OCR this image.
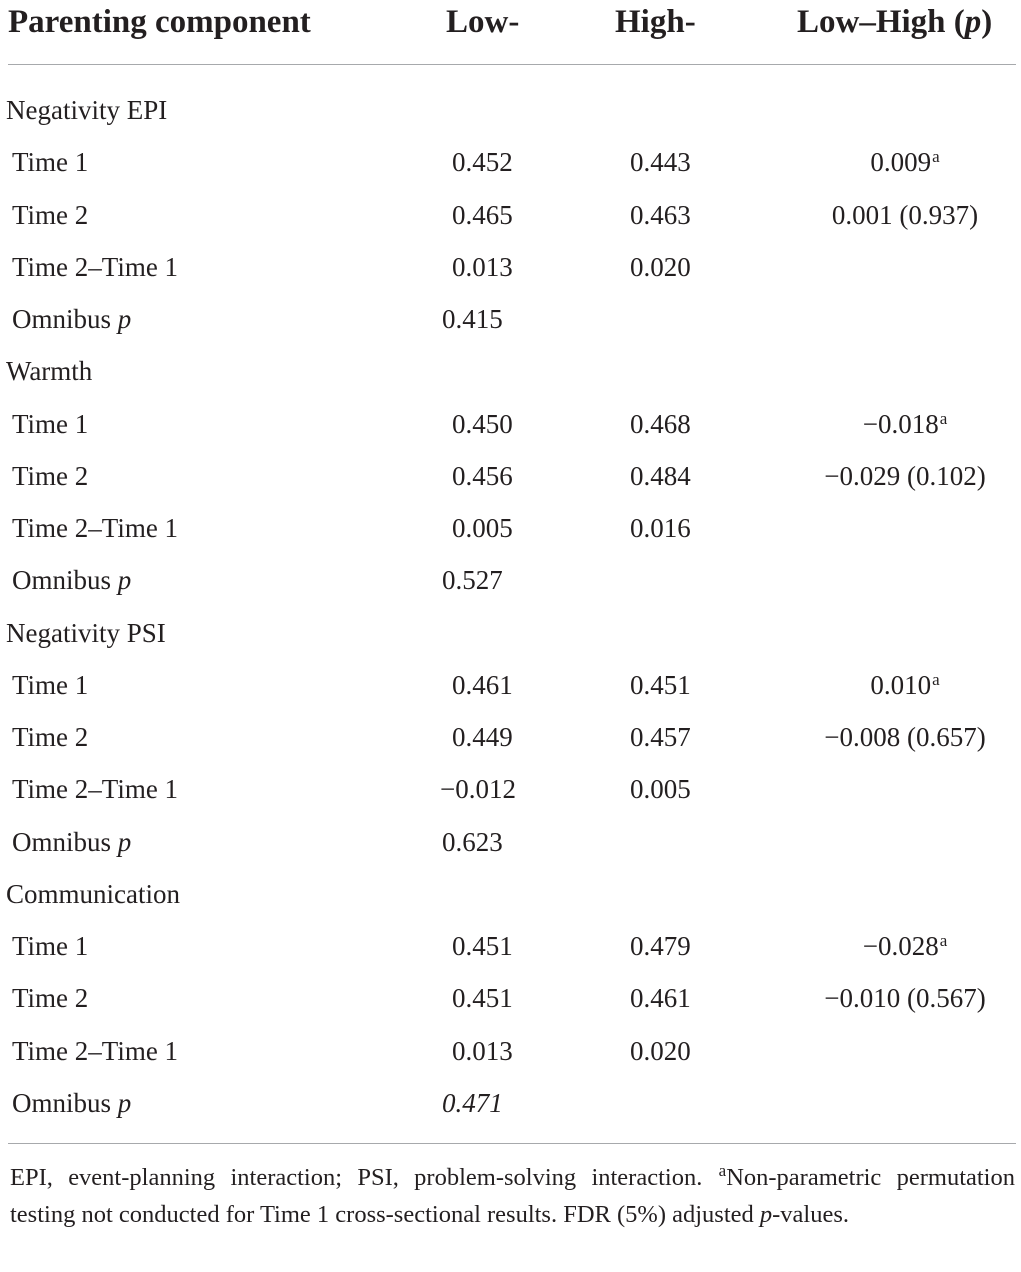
Parenting component	Low-	High-	Low–High (p)
Negativity EPI
Time 1	0.452	0.443	0.009$^a$
Time 2	0.465	0.463	0.001 (0.937)
Time 2–Time 1	0.013	0.020
Omnibus p	0.415
Warmth
Time 1	0.450	0.468	−0.018$^a$
Time 2	0.456	0.484	−0.029 (0.102)
Time 2–Time 1	0.005	0.016
Omnibus p	0.527
Negativity PSI
Time 1	0.461	0.451	0.010$^a$
Time 2	0.449	0.457	−0.008 (0.657)
Time 2–Time 1	−0.012	0.005
Omnibus p	0.623
Communication
Time 1	0.451	0.479	−0.028$^a$
Time 2	0.451	0.461	−0.010 (0.567)
Time 2–Time 1	0.013	0.020
Omnibus p	0.471
EPI, event-planning interaction; PSI, problem-solving interaction. $^a$Non-parametric permutation testing not conducted for Time 1 cross-sectional results. FDR (5%) adjusted p-values.
